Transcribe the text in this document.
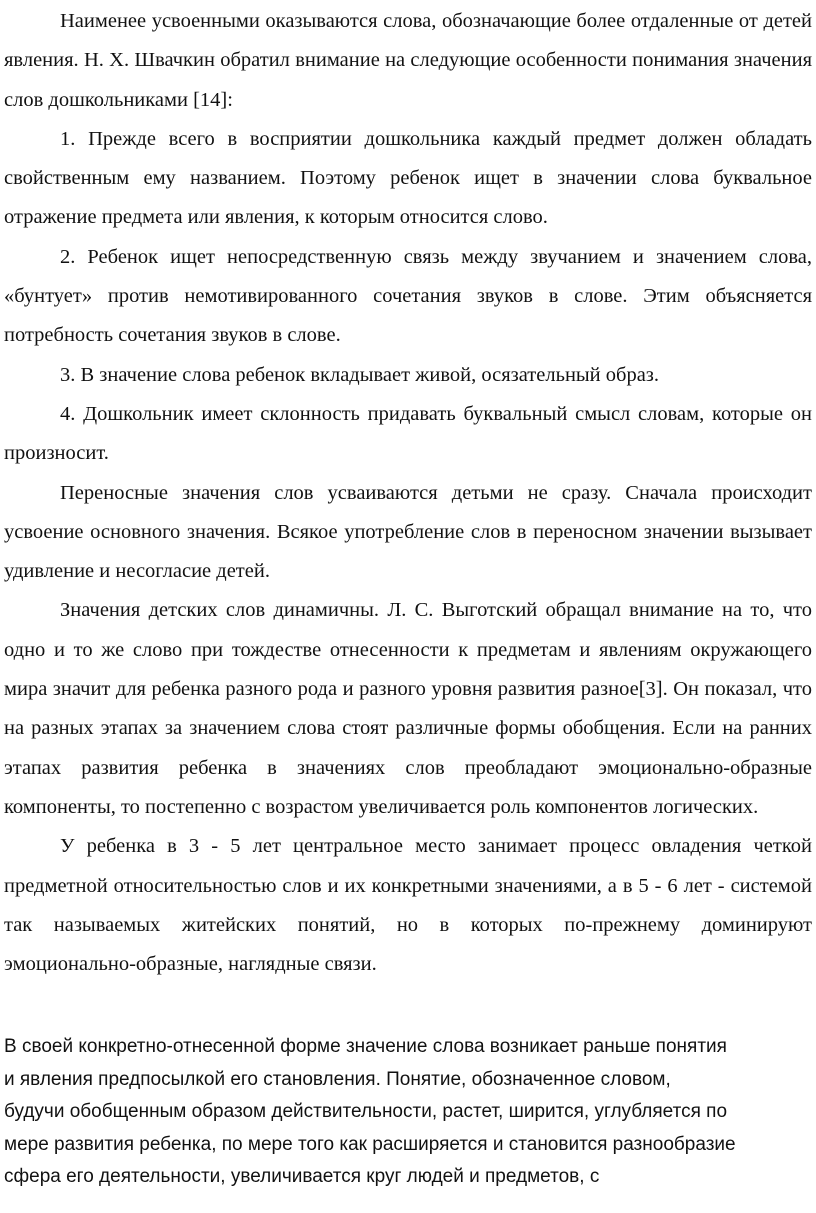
Наименее усвоенными оказываются слова, обозначающие более отдаленные от детей явления. Н. Х. Швачкин обратил внимание на следующие особенности понимания значения слов дошкольниками [14]:

1. Прежде всего в восприятии дошкольника каждый предмет должен обладать свойственным ему названием. Поэтому ребенок ищет в значении слова буквальное отражение предмета или явления, к которым относится слово.

2. Ребенок ищет непосредственную связь между звучанием и значением слова, «бунтует» против немотивированного сочетания звуков в слове. Этим объясняется потребность сочетания звуков в слове.

3. В значение слова ребенок вкладывает живой, осязательный образ.

4. Дошкольник имеет склонность придавать буквальный смысл словам, которые он произносит.

Переносные значения слов усваиваются детьми не сразу. Сначала происходит усвоение основного значения. Всякое употребление слов в переносном значении вызывает удивление и несогласие детей.

Значения детских слов динамичны. Л. С. Выготский обращал внимание на то, что одно и то же слово при тождестве отнесенности к предметам и явлениям окружающего мира значит для ребенка разного рода и разного уровня развития разное[3]. Он показал, что на разных этапах за значением слова стоят различные формы обобщения. Если на ранних этапах развития ребенка в значениях слов преобладают эмоционально-образные компоненты, то постепенно с возрастом увеличивается роль компонентов логических.

У ребенка в 3 - 5 лет центральное место занимает процесс овладения четкой предметной относительностью слов и их конкретными значениями, а в 5 - 6 лет - системой так называемых житейских понятий, но в которых по-прежнему доминируют эмоционально-образные, наглядные связи.

В своей конкретно-отнесенной форме значение слова возникает раньше понятия

и явления предпосылкой его становления. Понятие, обозначенное словом,

будучи обобщенным образом действительности, растет, ширится, углубляется по

мере развития ребенка, по мере того как расширяется и становится разнообразие

сфера его деятельности, увеличивается круг людей и предметов, с
